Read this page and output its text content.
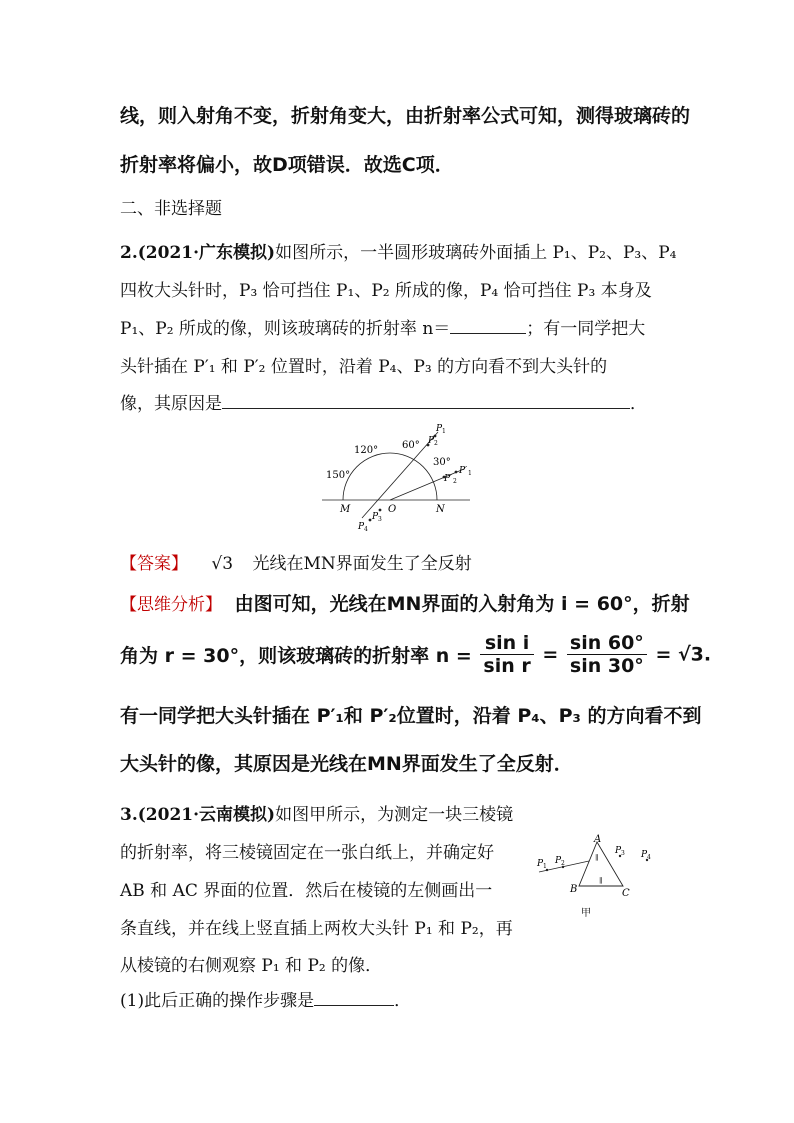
线，则入射角不变，折射角变大，由折射率公式可知，测得玻璃砖的
折射率将偏小，故D项错误．故选C项．
二、非选择题
2.(2021·广东模拟)如图所示，一半圆形玻璃砖外面插上 P₁、P₂、P₃、P₄
四枚大头针时，P₃ 恰可挡住 P₁、P₂ 所成的像，P₄ 恰可挡住 P₃ 本身及
P₁、P₂ 所成的像，则该玻璃砖的折射率 n＝	；有一同学把大
头针插在 P′₁ 和 P′₂ 位置时，沿着 P₄、P₃ 的方向看不到大头针的
像，其原因是	．
120°
150°
60°
30°
M	O	N
P 1
P 2
P 3
P 4
P′ 1
P′ 2
【答案】 √3 光线在MN界面发生了全反射
【思维分析】 由图可知，光线在MN界面的入射角为 i = 60°，折射
角为 r = 30°，则该玻璃砖的折射率 $n = \frac{\text{sin i}}{\text{sin r}} = \frac{\sin 60^\circ}{\sin 30^\circ} = √3$.
有一同学把大头针插在 P′₁和 P′₂位置时，沿着 P₄、P₃ 的方向看不到
大头针的像，其原因是光线在MN界面发生了全反射．
3.(2021·云南模拟)如图甲所示，为测定一块三棱镜
的折射率，将三棱镜固定在一张白纸上，并确定好
AB 和 AC 界面的位置．然后在棱镜的左侧画出一
条直线，并在线上竖直插上两枚大头针 P₁ 和 P₂，再
从棱镜的右侧观察 P₁ 和 P₂ 的像．
(1)此后正确的操作步骤是	．
∥
∥
A
B	C
P 1
P 2
P 3 P 4
甲
